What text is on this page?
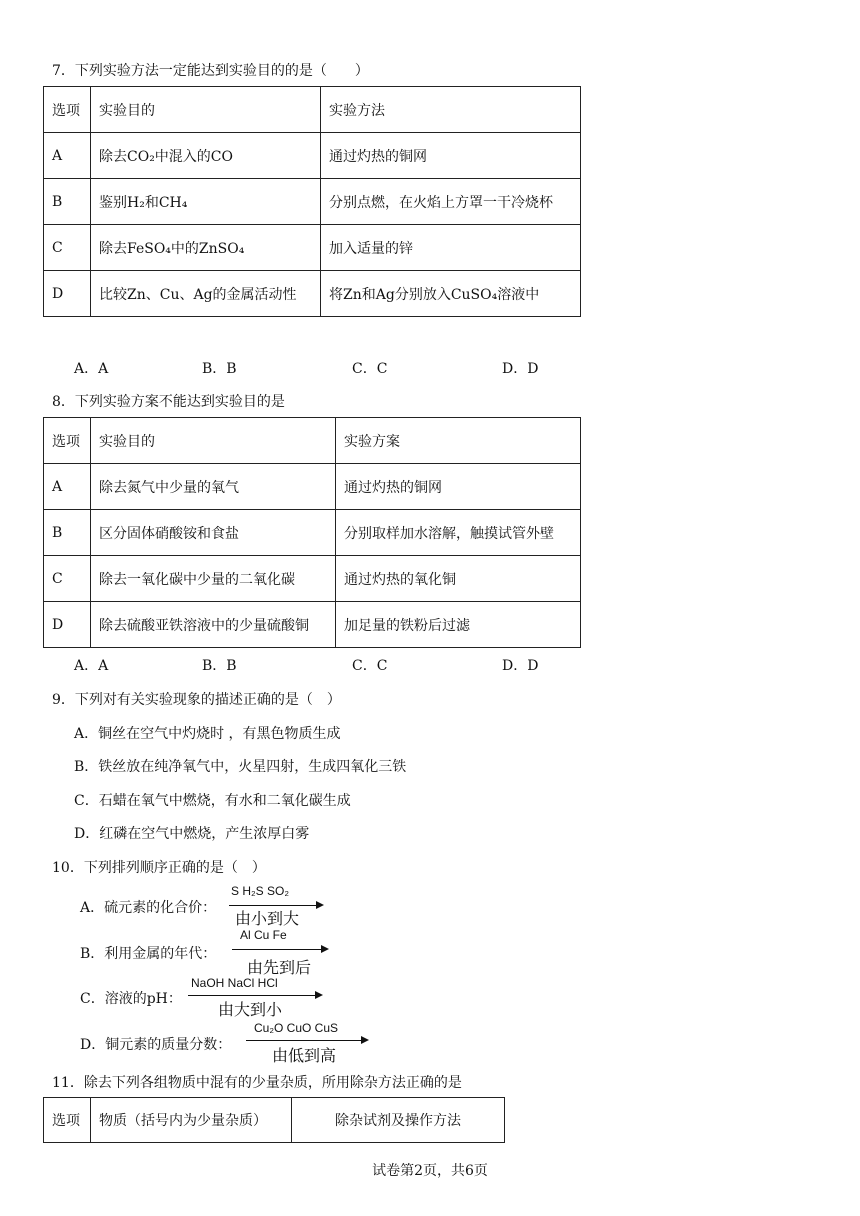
7．下列实验方法一定能达到实验目的的是（　　）
选项	实验目的	实验方法
A	除去CO₂中混入的CO	通过灼热的铜网
B	鉴别H₂和CH₄	分别点燃，在火焰上方罩一干冷烧杯
C	除去FeSO₄中的ZnSO₄	加入适量的锌
D	比较Zn、Cu、Ag的金属活动性	将Zn和Ag分别放入CuSO₄溶液中
A．A	B．B	C．C	D．D
8．下列实验方案不能达到实验目的是
选项	实验目的	实验方案
A	除去氮气中少量的氧气	通过灼热的铜网
B	区分固体硝酸铵和食盐	分别取样加水溶解，触摸试管外壁
C	除去一氧化碳中少量的二氧化碳	通过灼热的氧化铜
D	除去硫酸亚铁溶液中的少量硫酸铜	加足量的铁粉后过滤
A．A	B．B	C．C	D．D
9．下列对有关实验现象的描述正确的是（　）
A．铜丝在空气中灼烧时 ，有黑色物质生成
B．铁丝放在纯净氧气中，火星四射，生成四氧化三铁
C．石蜡在氧气中燃烧，有水和二氧化碳生成
D．红磷在空气中燃烧，产生浓厚白雾
10．下列排列顺序正确的是（　）
A．硫元素的化合价：
S H₂S SO₂
由小到大
B．利用金属的年代：
Al Cu Fe
由先到后
C．溶液的pH：
NaOH NaCl HCl
由大到小
D．铜元素的质量分数：
Cu₂O CuO CuS
由低到高
11．除去下列各组物质中混有的少量杂质，所用除杂方法正确的是
选项	物质（括号内为少量杂质）	除杂试剂及操作方法
试卷第2页，共6页
